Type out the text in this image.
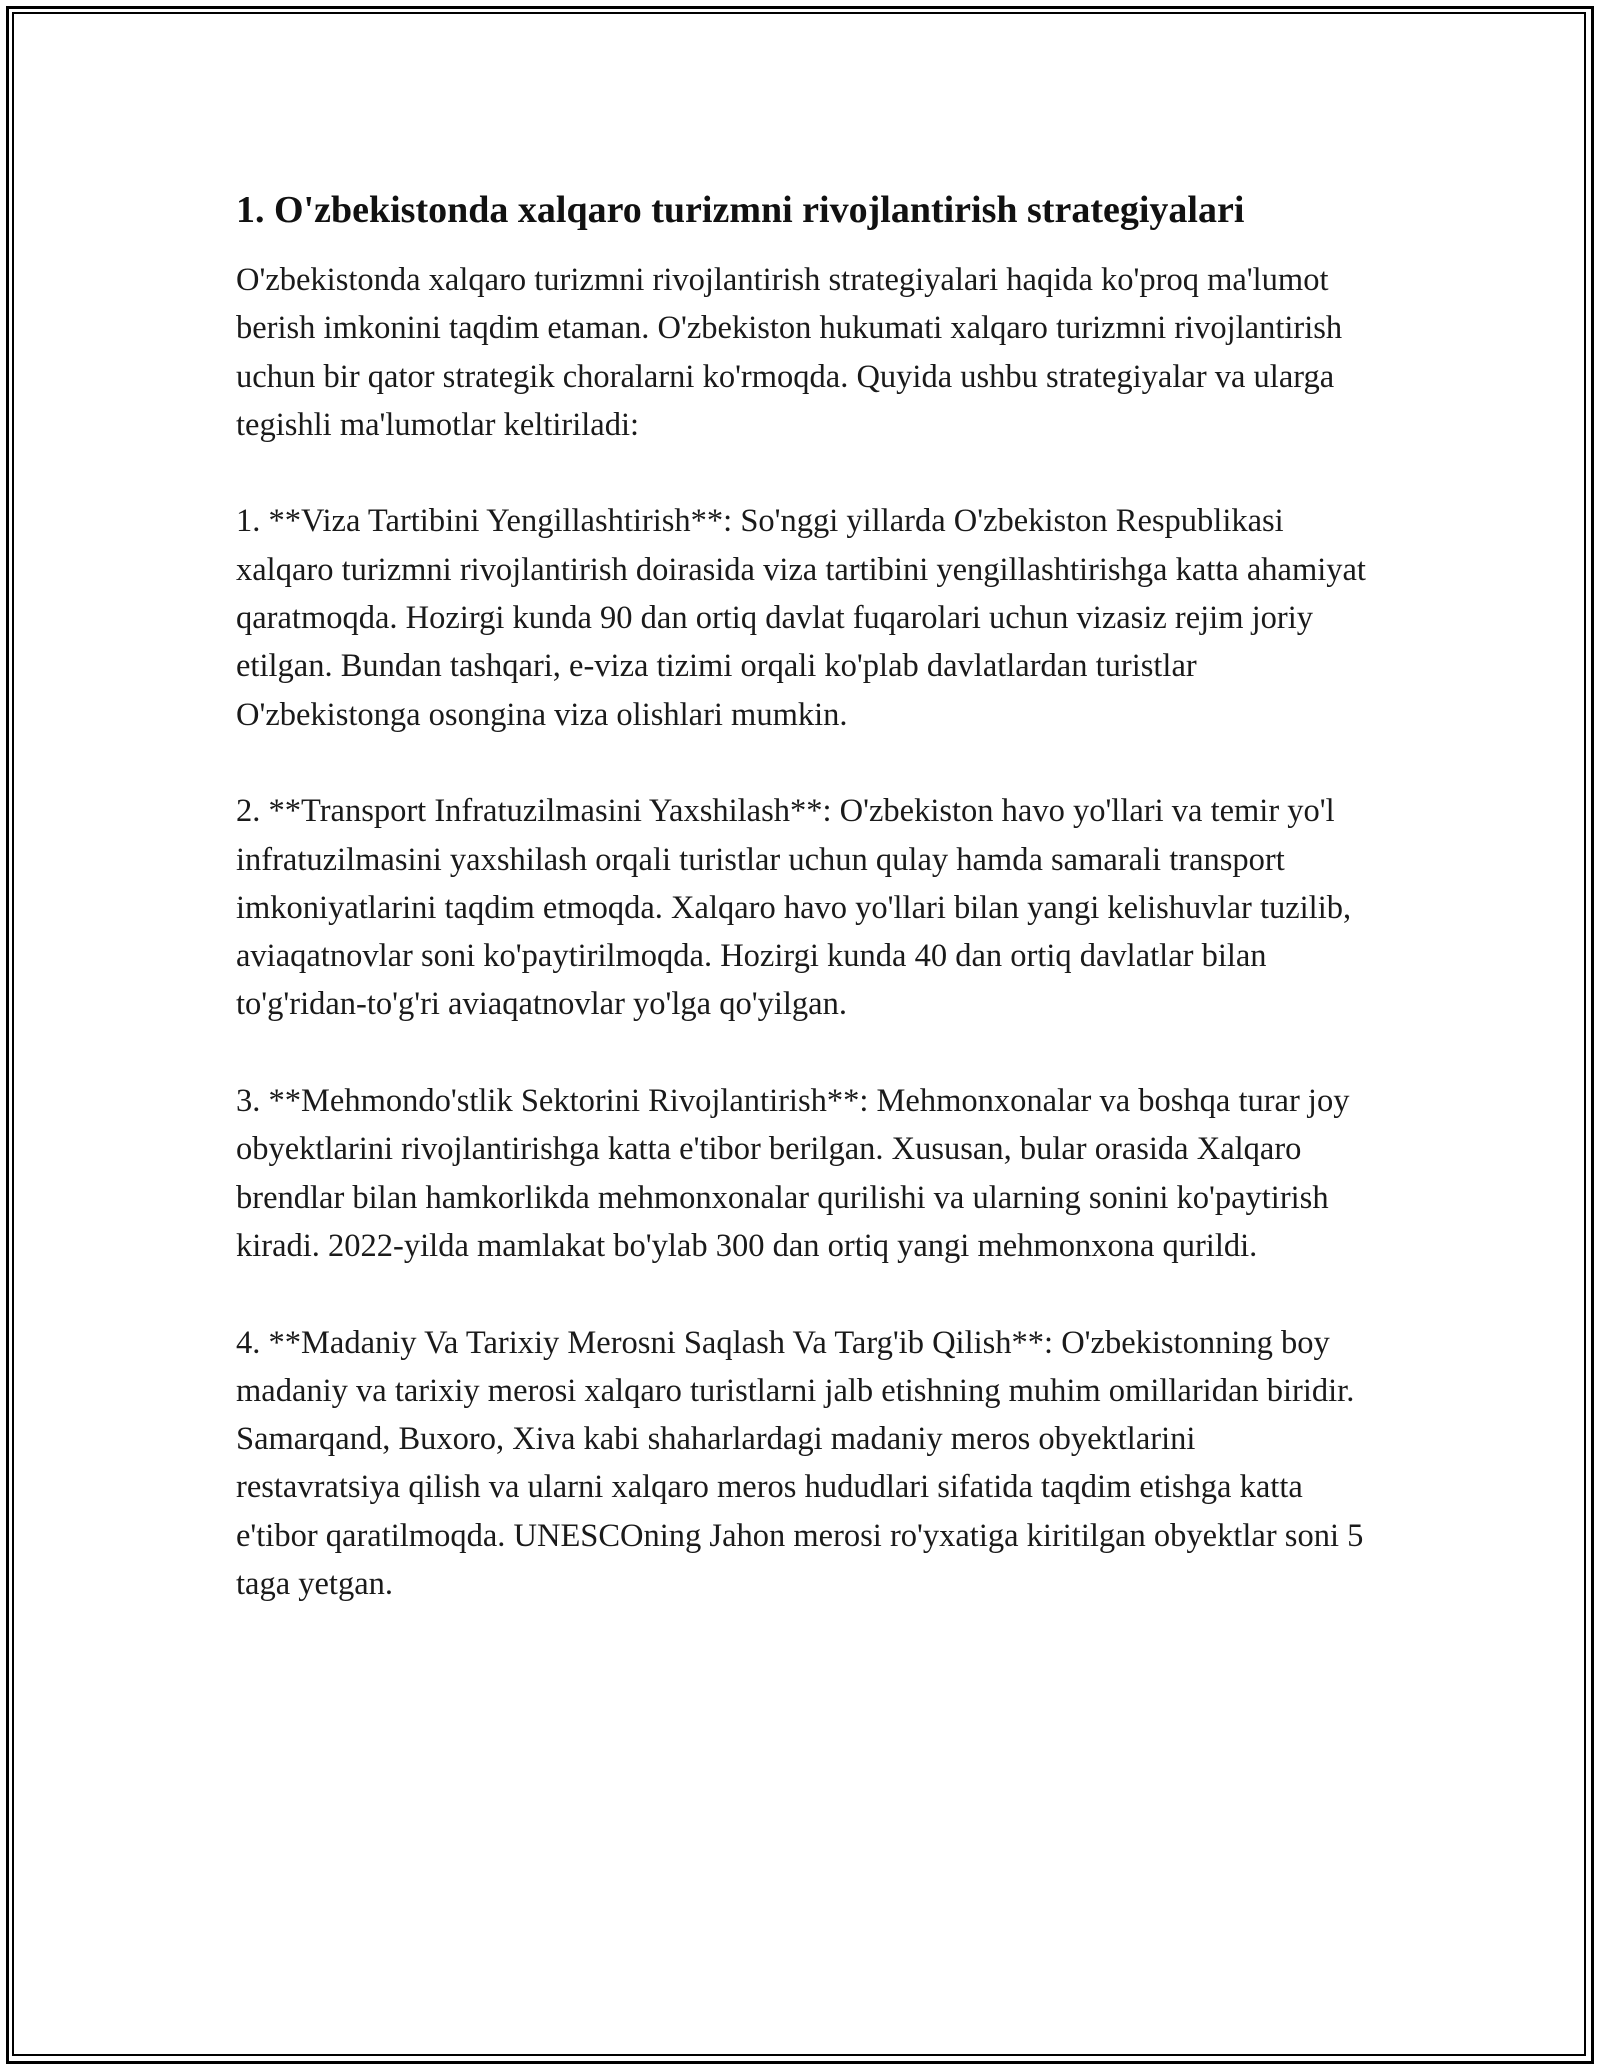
1. O'zbekistonda xalqaro turizmni rivojlantirish strategiyalari

O'zbekistonda xalqaro turizmni rivojlantirish strategiyalari haqida ko'proq ma'lumot berish imkonini taqdim etaman. O'zbekiston hukumati xalqaro turizmni rivojlantirish uchun bir qator strategik choralarni ko'rmoqda. Quyida ushbu strategiyalar va ularga tegishli ma'lumotlar keltiriladi:

1. **Viza Tartibini Yengillashtirish**: So'nggi yillarda O'zbekiston Respublikasi xalqaro turizmni rivojlantirish doirasida viza tartibini yengillashtirishga katta ahamiyat qaratmoqda. Hozirgi kunda 90 dan ortiq davlat fuqarolari uchun vizasiz rejim joriy etilgan. Bundan tashqari, e-viza tizimi orqali ko'plab davlatlardan turistlar O'zbekistonga osongina viza olishlari mumkin.

2. **Transport Infratuzilmasini Yaxshilash**: O'zbekiston havo yo'llari va temir yo'l infratuzilmasini yaxshilash orqali turistlar uchun qulay hamda samarali transport imkoniyatlarini taqdim etmoqda. Xalqaro havo yo'llari bilan yangi kelishuvlar tuzilib, aviaqatnovlar soni ko'paytirilmoqda. Hozirgi kunda 40 dan ortiq davlatlar bilan to'g'ridan-to'g'ri aviaqatnovlar yo'lga qo'yilgan.

3. **Mehmondo'stlik Sektorini Rivojlantirish**: Mehmonxonalar va boshqa turar joy obyektlarini rivojlantirishga katta e'tibor berilgan. Xususan, bular orasida Xalqaro brendlar bilan hamkorlikda mehmonxonalar qurilishi va ularning sonini ko'paytirish kiradi. 2022-yilda mamlakat bo'ylab 300 dan ortiq yangi mehmonxona qurildi.

4. **Madaniy Va Tarixiy Merosni Saqlash Va Targ'ib Qilish**: O'zbekistonning boy madaniy va tarixiy merosi xalqaro turistlarni jalb etishning muhim omillaridan biridir. Samarqand, Buxoro, Xiva kabi shaharlardagi madaniy meros obyektlarini restavratsiya qilish va ularni xalqaro meros hududlari sifatida taqdim etishga katta e'tibor qaratilmoqda. UNESCOning Jahon merosi ro'yxatiga kiritilgan obyektlar soni 5 taga yetgan.
